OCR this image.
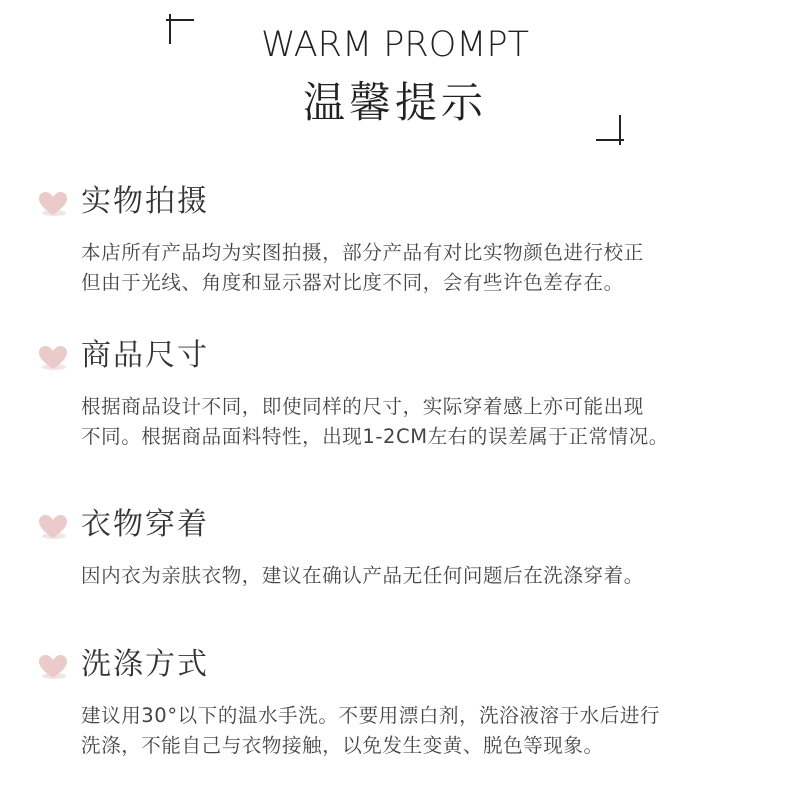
WARM PROMPT
温馨提示
实物拍摄

本店所有产品均为实图拍摄，部分产品有对比实物颜色进行校正

但由于光线、角度和显示器对比度不同，会有些许色差存在。

商品尺寸

根据商品设计不同，即使同样的尺寸，实际穿着感上亦可能出现

不同。根据商品面料特性，出现1-2CM左右的误差属于正常情况。

衣物穿着

因内衣为亲肤衣物，建议在确认产品无任何问题后在洗涤穿着。

洗涤方式

建议用30°以下的温水手洗。不要用漂白剂，洗浴液溶于水后进行

洗涤，不能自己与衣物接触，以免发生变黄、脱色等现象。
